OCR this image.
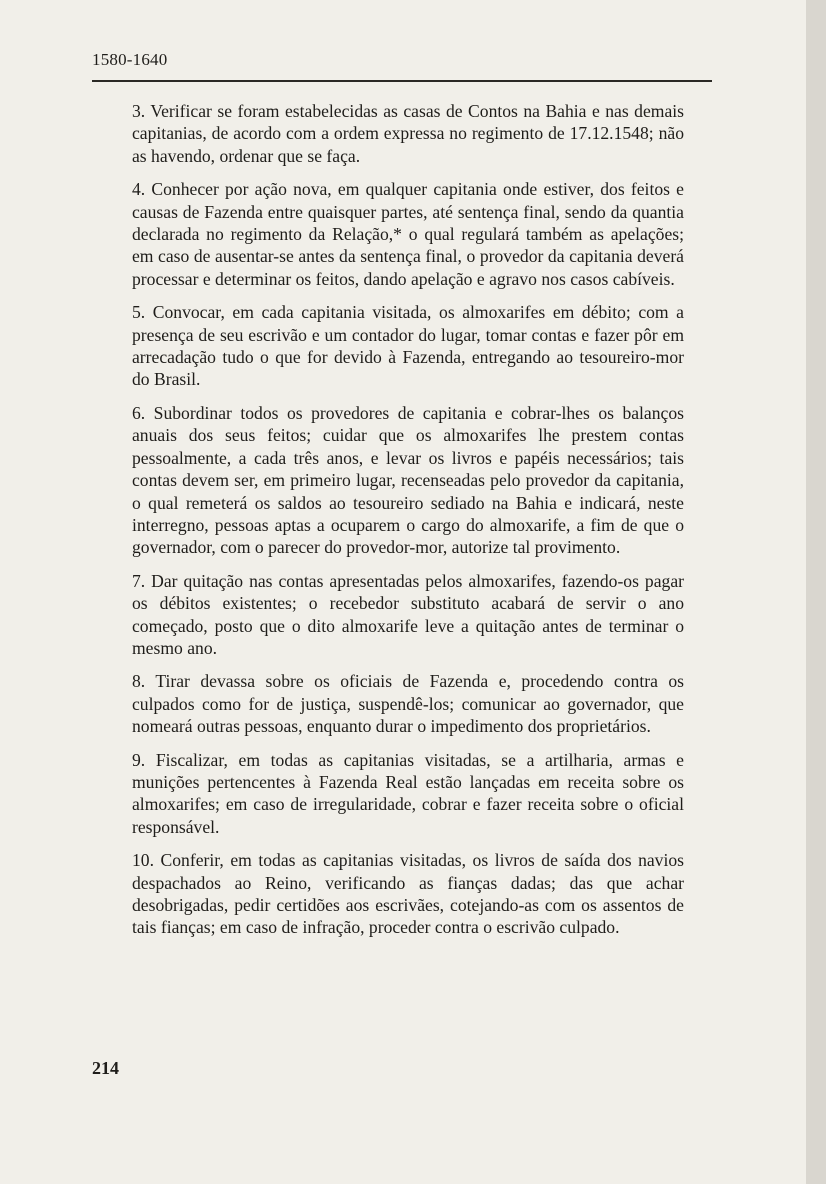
1580-1640

3. Verificar se foram estabelecidas as casas de Contos na Bahia e nas demais capitanias, de acordo com a ordem expressa no regimento de 17.12.1548; não as havendo, ordenar que se faça.

4. Conhecer por ação nova, em qualquer capitania onde estiver, dos feitos e causas de Fazenda entre quaisquer partes, até sentença final, sendo da quantia declarada no regimento da Relação,* o qual regulará também as apelações; em caso de ausentar-se antes da sentença final, o provedor da capitania deverá processar e determinar os feitos, dando apelação e agravo nos casos cabíveis.

5. Convocar, em cada capitania visitada, os almoxarifes em débito; com a presença de seu escrivão e um contador do lugar, tomar contas e fazer pôr em arrecadação tudo o que for devido à Fazenda, entregando ao tesoureiro-mor do Brasil.

6. Subordinar todos os provedores de capitania e cobrar-lhes os balanços anuais dos seus feitos; cuidar que os almoxarifes lhe prestem contas pessoalmente, a cada três anos, e levar os livros e papéis necessários; tais contas devem ser, em primeiro lugar, recenseadas pelo provedor da capitania, o qual remeterá os saldos ao tesoureiro sediado na Bahia e indicará, neste interregno, pessoas aptas a ocuparem o cargo do almoxarife, a fim de que o governador, com o parecer do provedor-mor, autorize tal provimento.

7. Dar quitação nas contas apresentadas pelos almoxarifes, fazendo-os pagar os débitos existentes; o recebedor substituto acabará de servir o ano começado, posto que o dito almoxarife leve a quitação antes de terminar o mesmo ano.

8. Tirar devassa sobre os oficiais de Fazenda e, procedendo contra os culpados como for de justiça, suspendê-los; comunicar ao governador, que nomeará outras pessoas, enquanto durar o impedimento dos proprietários.

9. Fiscalizar, em todas as capitanias visitadas, se a artilharia, armas e munições pertencentes à Fazenda Real estão lançadas em receita sobre os almoxarifes; em caso de irregularidade, cobrar e fazer receita sobre o oficial responsável.

10. Conferir, em todas as capitanias visitadas, os livros de saída dos navios despachados ao Reino, verificando as fianças dadas; das que achar desobrigadas, pedir certidões aos escrivães, cotejando-as com os assentos de tais fianças; em caso de infração, proceder contra o escrivão culpado.

214
